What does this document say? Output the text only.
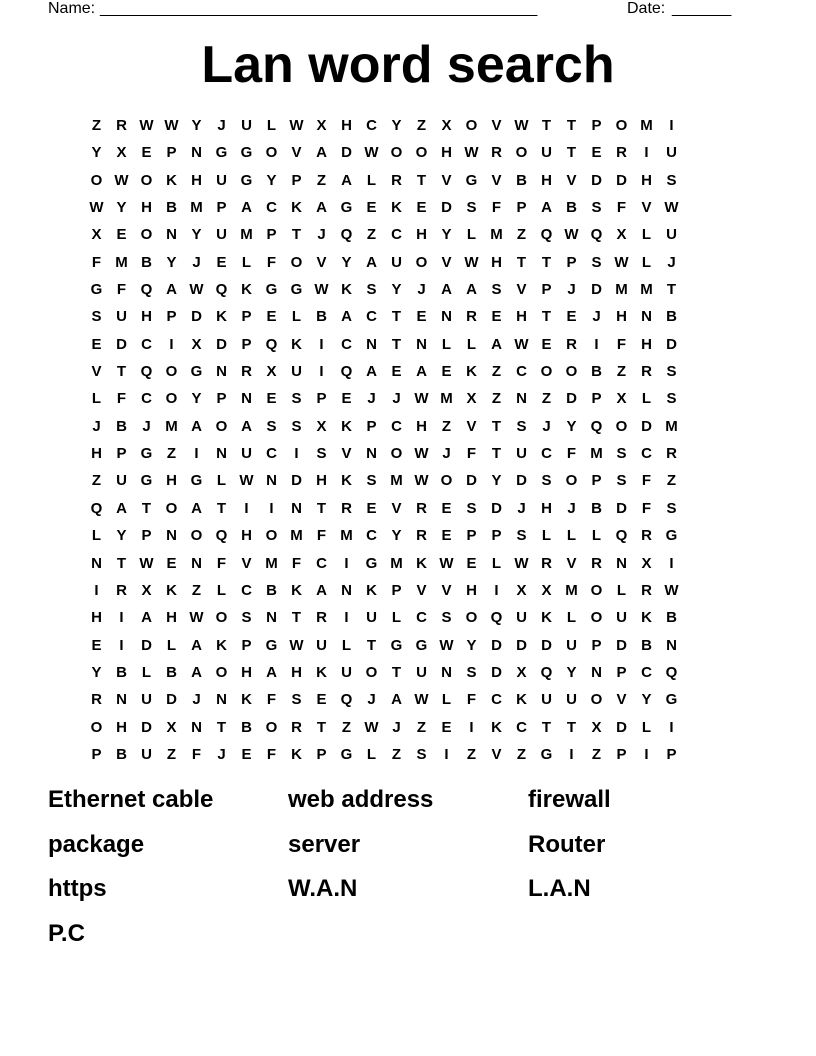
Name: ____________________________________________________	Date: _______
Lan word search
Z R W W Y J U L W X H C Y Z X O V W T T P O M I
Y X E P N G G O V A D W O O H W R O U T E R I U
O W O K H U G Y P Z A L R T V G V B H V D D H S
W Y H B M P A C K A G E K E D S F P A B S F V W
X E O N Y U M P T J Q Z C H Y L M Z Q W Q X L U
F M B Y J E L F O V Y A U O V W H T T P S W L J
G F Q A W Q K G G W K S Y J A A S V P J D M M T
S U H P D K P E L B A C T E N R E H T E J H N B
E D C I X D P Q K I C N T N L L A W E R I F H D
V T Q O G N R X U I Q A E A E K Z C O O B Z R S
L F C O Y P N E S P E J J W M X Z N Z D P X L S
J B J M A O A S S X K P C H Z V T S J Y Q O D M
H P G Z I N U C I S V N O W J F T U C F M S C R
Z U G H G L W N D H K S M W O D Y D S O P S F Z
Q A T O A T I I N T R E V R E S D J H J B D F S
L Y P N O Q H O M F M C Y R E P P S L L L Q R G
N T W E N F V M F C I G M K W E L W R V R N X I
I R X K Z L C B K A N K P V V H I X X M O L R W
H I A H W O S N T R I U L C S O Q U K L O U K B
E I D L A K P G W U L T G G W Y D D D U P D B N
Y B L B A O H A H K U O T U N S D X Q Y N P C Q
R N U D J N K F S E Q J A W L F C K U U O V Y G
O H D X N T B O R T Z W J Z E I K C T T X D L I
P B U Z F J E F K P G L Z S I Z V Z G I Z P I P
Ethernet cable	web address	firewall
package	server	Router
https	W.A.N	L.A.N
P.C
